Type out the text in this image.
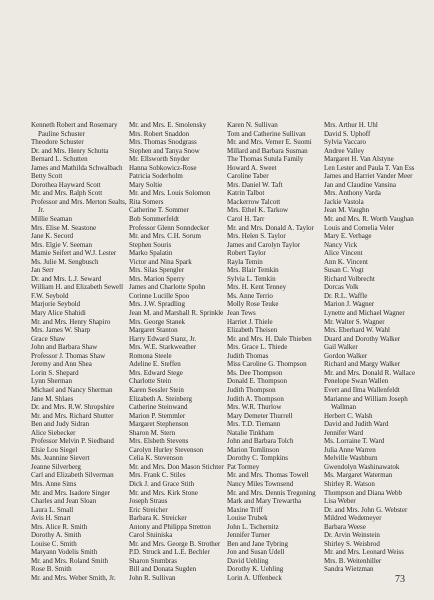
Kenneth Robert and Rosemary Pauline Schuster
Theodore Schuster
Dr. and Mrs. Henry Schutta
Bernard L. Schutten
James and Mathilda Schwalbach
Betty Scott
Dorothea Hayward Scott
Mr. and Mrs. Ralph Scott
Professor and Mrs. Merton Sealts, Jr.
Millie Seaman
Mrs. Elise M. Seastone
Jane K. Secord
Mrs. Elgie V. Seeman
Mamie Seifert and W.J. Lester
Ms. Julie M. Sengbusch
Jan Serr
Dr. and Mrs. L.J. Seward
William H. and Elizabeth Sewell
F.W. Seybold
Marjorie Seybold
Mary Alice Shahidi
Mr. and Mrs. Henry Shapiro
Mrs. James W. Sharp
Grace Shaw
John and Barbara Shaw
Professor J. Thomas Shaw
Jeremy and Ann Shea
Lorin S. Shepard
Lynn Sherman
Michael and Nancy Sherman
Jane M. Shlaes
Dr. and Mrs. R.W. Shropshire
Mr. and Mrs. Richard Shutter
Ben and Judy Sidran
Alice Siebecker
Professor Melvin P. Siedband
Elsie Lou Siegel
Ms. Jeannine Sievert
Jeanne Silverberg
Carl and Elizabeth Silverman
Mrs. Anne Sims
Mr. and Mrs. Isadore Singer
Charles and Jean Sloan
Laura L. Small
Avis H. Smart
Mrs. Alice R. Smith
Dorothy A. Smith
Louise C. Smith
Maryann Vodelis Smith
Mr. and Mrs. Roland Smith
Rose B. Smith
Mr. and Mrs. Weber Smith, Jr.
Mr. and Mrs. E. Smolensky
Mrs. Robert Snaddon
Mrs. Thomas Snodgrass
Stephen and Tanya Snow
Mr. Ellsworth Snyder
Hanna Sobkowicz-Rose
Patricia Soderholm
Mary Soltie
Mr. and Mrs. Louis Solomon
Rita Somers
Catherine T. Sommer
Bob Sommerfeldt
Professor Glenn Sonndecker
Mr. and Mrs. C.H. Sorum
Stephen Souris
Marko Spalatin
Victor and Nina Spark
Mrs. Silas Spengler
Mrs. Marion Sperry
James and Charlotte Spohn
Corinne Lucille Spoo
Mrs. J.W. Spradling
Jean M. and Marshall R. Sprinkle
Mrs. George Stanek
Margaret Stanton
Harry Edward Stanz, Jr.
Mrs. W.E. Starkweather
Romona Steele
Adeline E. Steffen
Mrs. Edward Stege
Charlotte Stein
Karen Sessler Stein
Elizabeth A. Steinberg
Catherine Steinwand
Marion P. Stemmler
Margaret Stephenson
Sharon M. Stern
Mrs. Elsbeth Stevens
Carolyn Hurley Stevenson
Celia K. Stevenson
Mr. and Mrs. Don Mason Stichter
Mrs. Frank C. Stiles
Dick J. and Grace Stith
Mr. and Mrs. Kirk Stone
Joseph Straus
Eric Streicher
Barbara K. Streicker
Antony and Philippa Stretton
Carol Stuiniska
Mr. and Mrs. George B. Strother
P.D. Struck and L.E. Bechler
Sharon Stumbras
Bill and Donata Sugden
John R. Sullivan
Karen N. Sullivan
Tom and Catherine Sullivan
Mr. and Mrs. Verner E. Suomi
Millard and Barbara Susman
The Thomas Sutula Family
Howard A. Sweet
Caroline Taber
Mrs. Daniel W. Taft
Katrin Talbot
Mackerrow Talcott
Mrs. Ethel K. Tarkow
Carol H. Tarr
Mr. and Mrs. Donald A. Taylor
Mrs. Helen S. Taylor
James and Carolyn Taylor
Robert Taylor
Rayla Temin
Mrs. Blair Temkin
Sylvia L. Temkin
Mrs. H. Kent Tenney
Ms. Anne Terrio
Molly Rose Teuke
Jean Tews
Harriet J. Thiele
Elizabeth Theisen
Mr. and Mrs. H. Dale Thieben
Mrs. Grace L. Thiede
Judith Thomas
Miss Caroline G. Thompson
Ms. Dee Thompson
Donald E. Thompson
Judith Thompson
Judith A. Thompson
Mrs. W.R. Thurlow
Mary Demeter Thurrell
Mrs. T.D. Tiemann
Natalie Tinkham
John and Barbara Tolch
Marion Tomlinson
Dorothy C. Tompkins
Pat Tormey
Mr. and Mrs. Thomas Towell
Nancy Miles Townsend
Mr. and Mrs. Dennis Tregoning
Mark and Mary Trewartha
Maxine Triff
Louise Trubek
John L. Tschernitz
Jennifer Turner
Ben and Jane Tybring
Jon and Susan Udell
David Uehling
Dorothy K. Uehling
Lorin A. Uffenbeck
Mrs. Arthur H. Uhl
David S. Uphoff
Sylvia Vaccaro
Andree Valley
Margaret H. Van Alstyne
Len Lester and Paula T. Van Ess
James and Harriet Vander Meer
Jan and Claudine Vansina
Mrs. Anthony Varda
Jackie Vastola
Jean M. Vaughn
Mr. and Mrs. R. Worth Vaughan
Louis and Cornelia Veler
Mary E. Verhage
Nancy Vick
Alice Vincent
Ann K. Vincent
Susan C. Vogt
Richard Volbrecht
Dorcas Volk
Dr. R.L. Waffle
Marion J. Wagner
Lynette and Michael Wagner
Mr. Walter S. Wagner
Mrs. Eberhard W. Wahl
Duard and Dorothy Walker
Gail Walker
Gordon Walker
Richard and Margy Walker
Mr. and Mrs. Donald R. Wallace
Penelope Swan Wallen
Evert and Ilma Wallenfeldt
Marianne and William Joseph Wallman
Herbert C. Walsh
David and Judith Ward
Jennifer Ward
Ms. Lorraine T. Ward
Julia Anne Warren
Melville Washburn
Gwendolyn Washinawatok
Ms. Margaret Waterman
Shirley R. Watson
Thompson and Diana Webb
Lisa Weber
Dr. and Mrs. John G. Webster
Mildred Wedemeyer
Barbara Weese
Dr. Arvin Weinstein
Shirley S. Weisbrod
Mr. and Mrs. Leonard Weiss
Mrs. B. Weitenhiller
Sandra Wietzman
73
